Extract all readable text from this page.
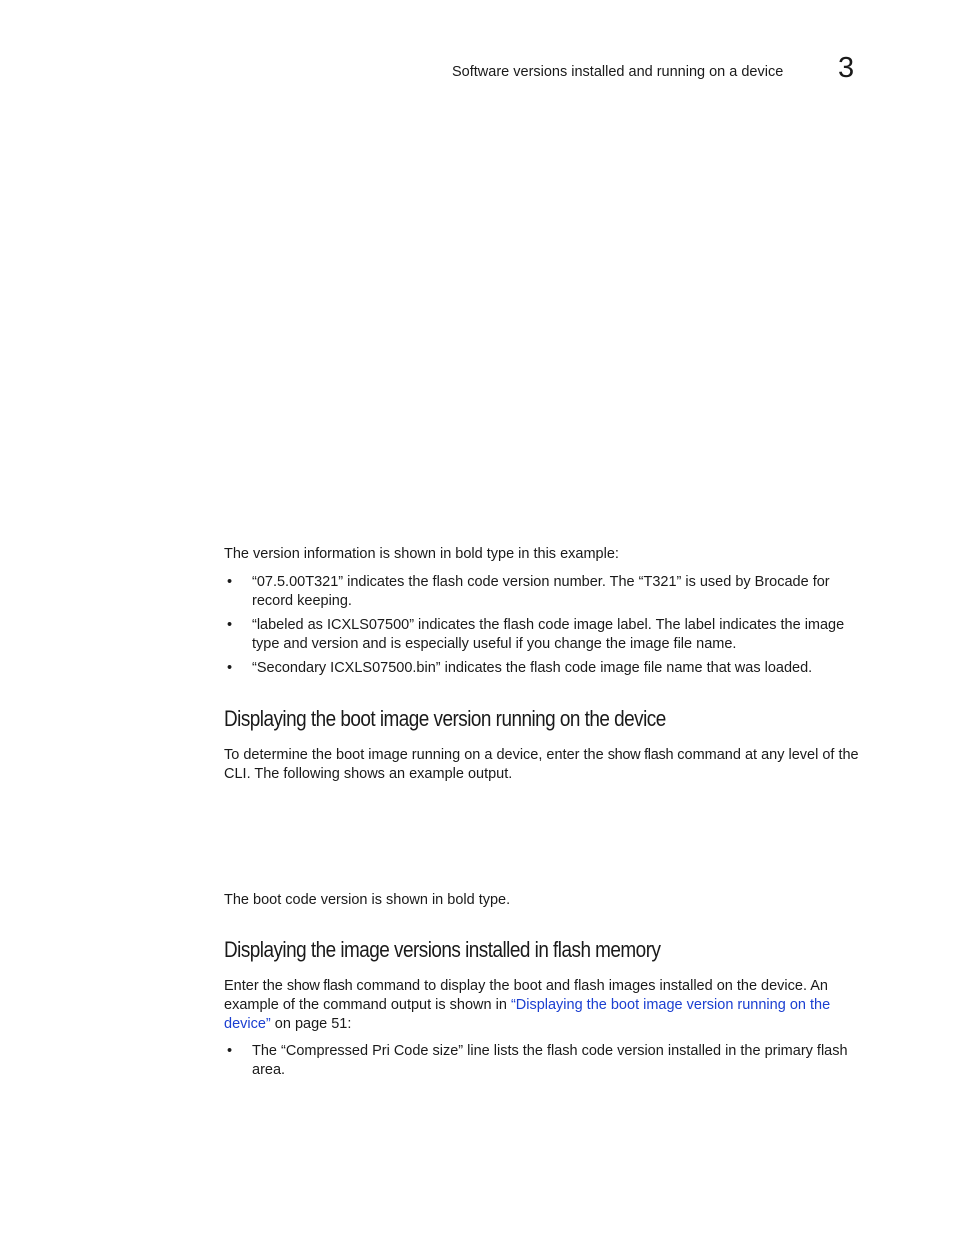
Software versions installed and running on a device 3
The version information is shown in bold type in this example:
• “07.5.00T321” indicates the flash code version number. The “T321” is used by Brocade for record keeping.
• “labeled as ICXLS07500” indicates the flash code image label. The label indicates the image type and version and is especially useful if you change the image file name.
• “Secondary ICXLS07500.bin” indicates the flash code image file name that was loaded.
Displaying the boot image version running on the device
To determine the boot image running on a device, enter the show flash command at any level of the CLI. The following shows an example output.
The boot code version is shown in bold type.
Displaying the image versions installed in flash memory
Enter the show flash command to display the boot and flash images installed on the device. An example of the command output is shown in “Displaying the boot image version running on the device” on page 51:
• The “Compressed Pri Code size” line lists the flash code version installed in the primary flash area.
